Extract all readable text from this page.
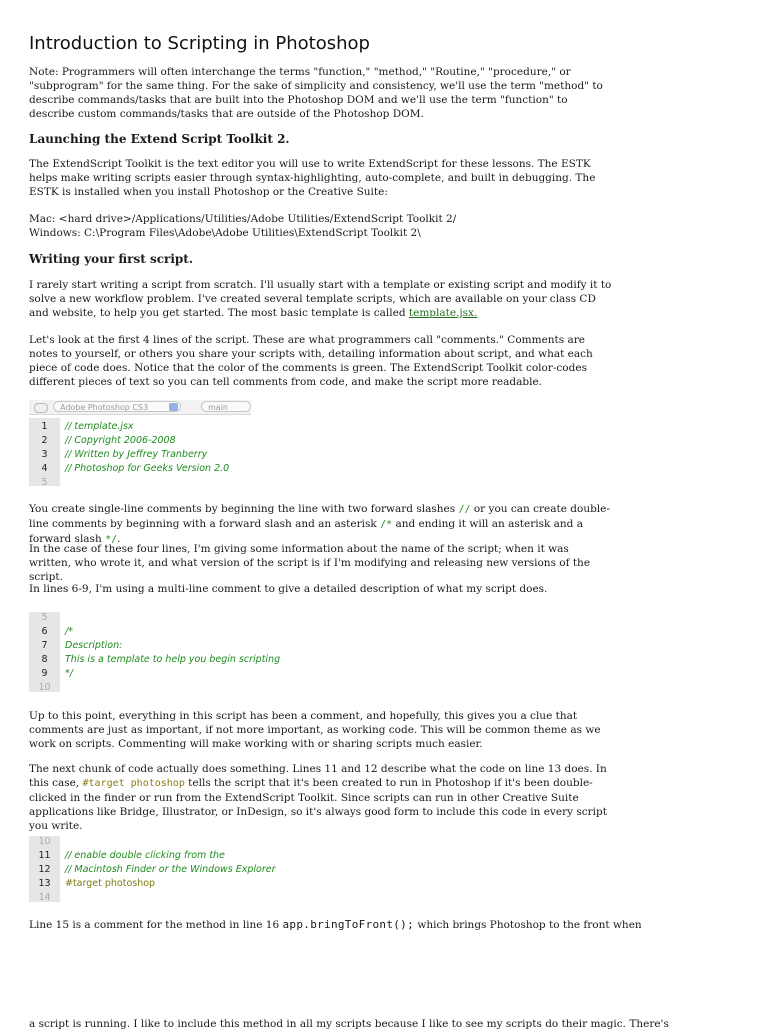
Introduction to Scripting in Photoshop

Note: Programmers will often interchange the terms "function," "method," "Routine," "procedure," or "subprogram" for the same thing. For the sake of simplicity and consistency, we'll use the term "method" to describe commands/tasks that are built into the Photoshop DOM and we'll use the term "function" to describe custom commands/tasks that are outside of the Photoshop DOM.

Launching the Extend Script Toolkit 2.

The ExtendScript Toolkit is the text editor you will use to write ExtendScript for these lessons. The ESTK helps make writing scripts easier through syntax-highlighting, auto-complete, and built in debugging. The ESTK is installed when you install Photoshop or the Creative Suite:

Mac: <hard drive>/Applications/Utilities/Adobe Utilities/ExtendScript Toolkit 2/

Windows: C:\Program Files\Adobe\Adobe Utilities\ExtendScript Toolkit 2\

Writing your first script.

I rarely start writing a script from scratch. I'll usually start with a template or existing script and modify it to solve a new workflow problem. I've created several template scripts, which are available on your class CD and website, to help you get started. The most basic template is called template.jsx.

Let's look at the first 4 lines of the script. These are what programmers call "comments." Comments are notes to yourself, or others you share your scripts with, detailing information about script, and what each piece of code does. Notice that the color of the comments is green. The ExtendScript Toolkit color-codes different pieces of text so you can tell comments from code, and make the script more readable.

Adobe Photoshop CS3	main
1	// template.jsx
2	// Copyright 2006-2008
3	// Written by Jeffrey Tranberry
4	// Photoshop for Geeks Version 2.0
5

You create single-line comments by beginning the line with two forward slashes // or you can create double-line comments by beginning with a forward slash and an asterisk /* and ending it will an asterisk and a forward slash */.

In the case of these four lines, I'm giving some information about the name of the script; when it was written, who wrote it, and what version of the script is if I'm modifying and releasing new versions of the script.

In lines 6-9, I'm using a multi-line comment to give a detailed description of what my script does.

5
6	/*
7	Description:
8	This is a template to help you begin scripting
9	*/
10

Up to this point, everything in this script has been a comment, and hopefully, this gives you a clue that comments are just as important, if not more important, as working code. This will be common theme as we work on scripts. Commenting will make working with or sharing scripts much easier.

The next chunk of code actually does something. Lines 11 and 12 describe what the code on line 13 does. In this case, #target photoshop tells the script that it's been created to run in Photoshop if it's been double-clicked in the finder or run from the ExtendScript Toolkit. Since scripts can run in other Creative Suite applications like Bridge, Illustrator, or InDesign, so it's always good form to include this code in every script you write.

10
11	// enable double clicking from the
12	// Macintosh Finder or the Windows Explorer
13	#target photoshop
14

Line 15 is a comment for the method in line 16 app.bringToFront(); which brings Photoshop to the front when

a script is running. I like to include this method in all my scripts because I like to see my scripts do their magic. There's
